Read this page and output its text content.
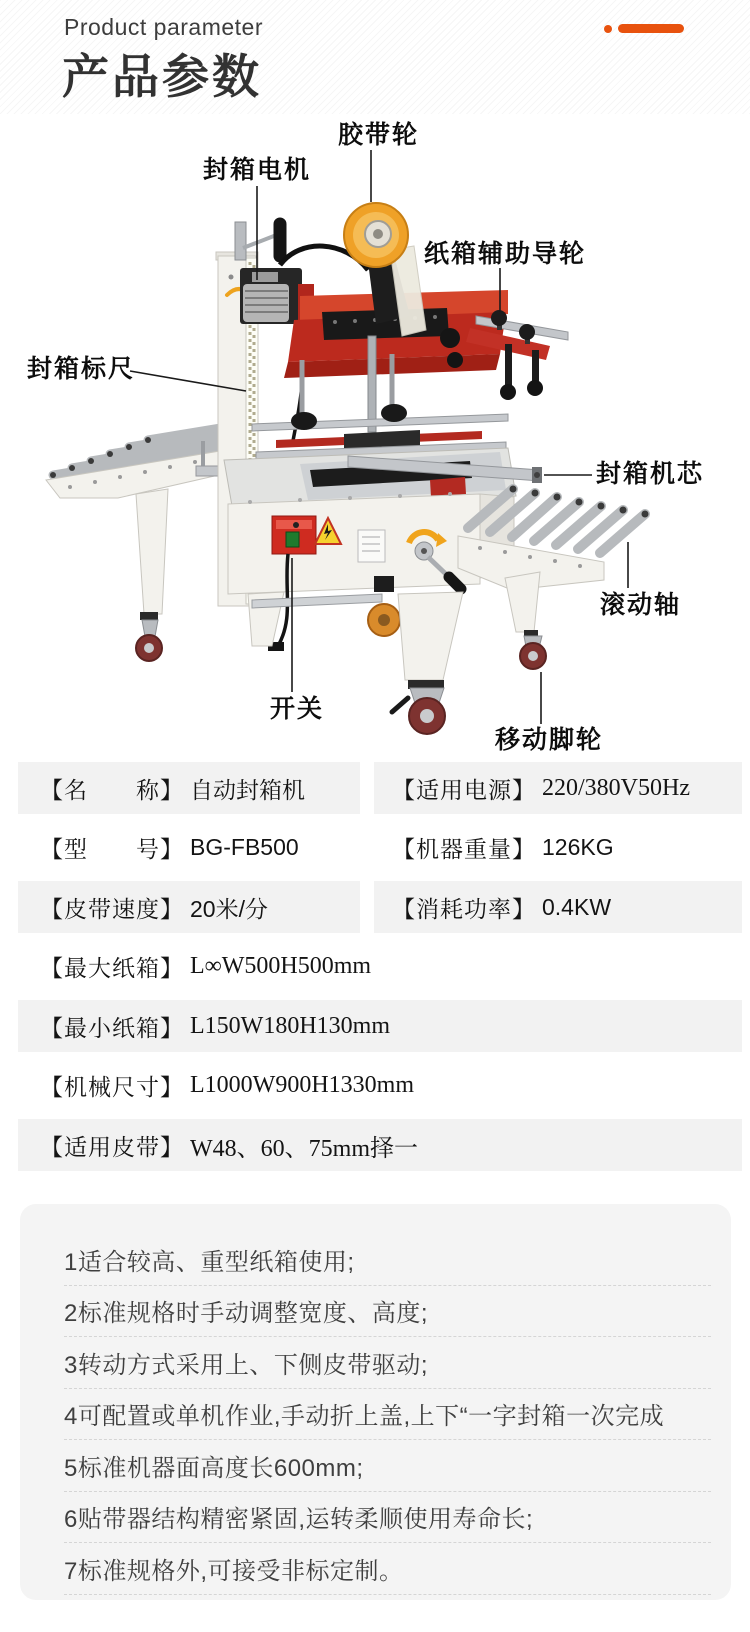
Product parameter
产品参数
胶带轮
封箱电机
纸箱辅助导轮
封箱标尺
封箱机芯
滚动轴
开关
移动脚轮
【名　　称】 自动封箱机	【适用电源】 220/380V50Hz
【型　　号】 BG-FB500	【机器重量】 126KG
【皮带速度】 20米/分	【消耗功率】 0.4KW
【最大纸箱】 L∞W500H500mm
【最小纸箱】 L150W180H130mm
【机械尺寸】 L1000W900H1330mm
【适用皮带】 W48、60、75mm择一
1适合较高、重型纸箱使用;
2标准规格时手动调整宽度、高度;
3转动方式采用上、下侧皮带驱动;
4可配置或单机作业,手动折上盖,上下“一字封箱一次完成
5标准机器面高度长600mm;
6贴带器结构精密紧固,运转柔顺使用寿命长;
7标准规格外,可接受非标定制。
